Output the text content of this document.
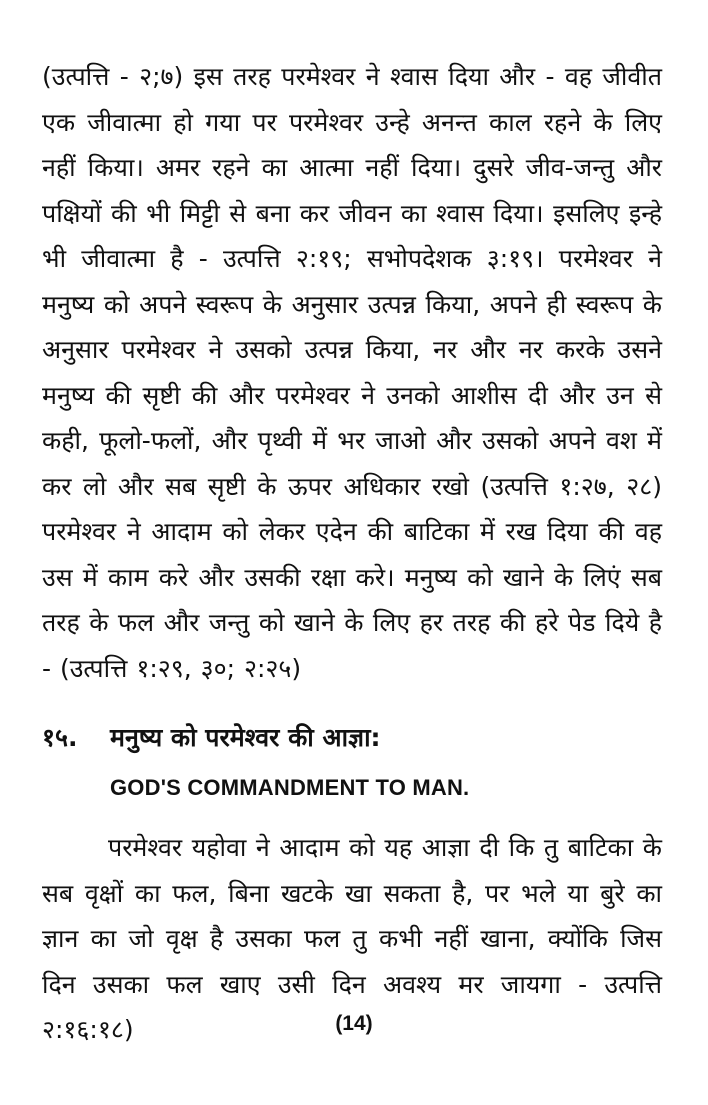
(उत्पत्ति - २;७) इस तरह परमेश्वर ने श्वास दिया और - वह जीवीत एक जीवात्मा हो गया पर परमेश्वर उन्हे अनन्त काल रहने के लिए नहीं किया। अमर रहने का आत्मा नहीं दिया। दुसरे जीव-जन्तु और पक्षियों की भी मिट्टी से बना कर जीवन का श्वास दिया। इसलिए इन्हे भी जीवात्मा है - उत्पत्ति २:१९; सभोपदेशक ३:१९। परमेश्वर ने मनुष्य को अपने स्वरूप के अनुसार उत्पन्न किया, अपने ही स्वरूप के अनुसार परमेश्वर ने उसको उत्पन्न किया, नर और नर करके उसने मनुष्य की सृष्टी की और परमेश्वर ने उनको आशीस दी और उन से कही, फूलो-फलों, और पृथ्वी में भर जाओ और उसको अपने वश में कर लो और सब सृष्टी के ऊपर अधिकार रखो (उत्पत्ति १:२७, २८) परमेश्वर ने आदाम को लेकर एदेन की बाटिका में रख दिया की वह उस में काम करे और उसकी रक्षा करे। मनुष्य को खाने के लिएं सब तरह के फल और जन्तु को खाने के लिए हर तरह की हरे पेड दिये है - (उत्पत्ति १:२९, ३०; २:२५)

१५.	मनुष्य को परमेश्वर की आज्ञा:
GOD'S COMMANDMENT TO MAN.

परमेश्वर यहोवा ने आदाम को यह आज्ञा दी कि तु बाटिका के सब वृक्षों का फल, बिना खटके खा सकता है, पर भले या बुरे का ज्ञान का जो वृक्ष है उसका फल तु कभी नहीं खाना, क्योंकि जिस दिन उसका फल खाए उसी दिन अवश्य मर जायगा - उत्पत्ति २:१६:१८)	(14)
